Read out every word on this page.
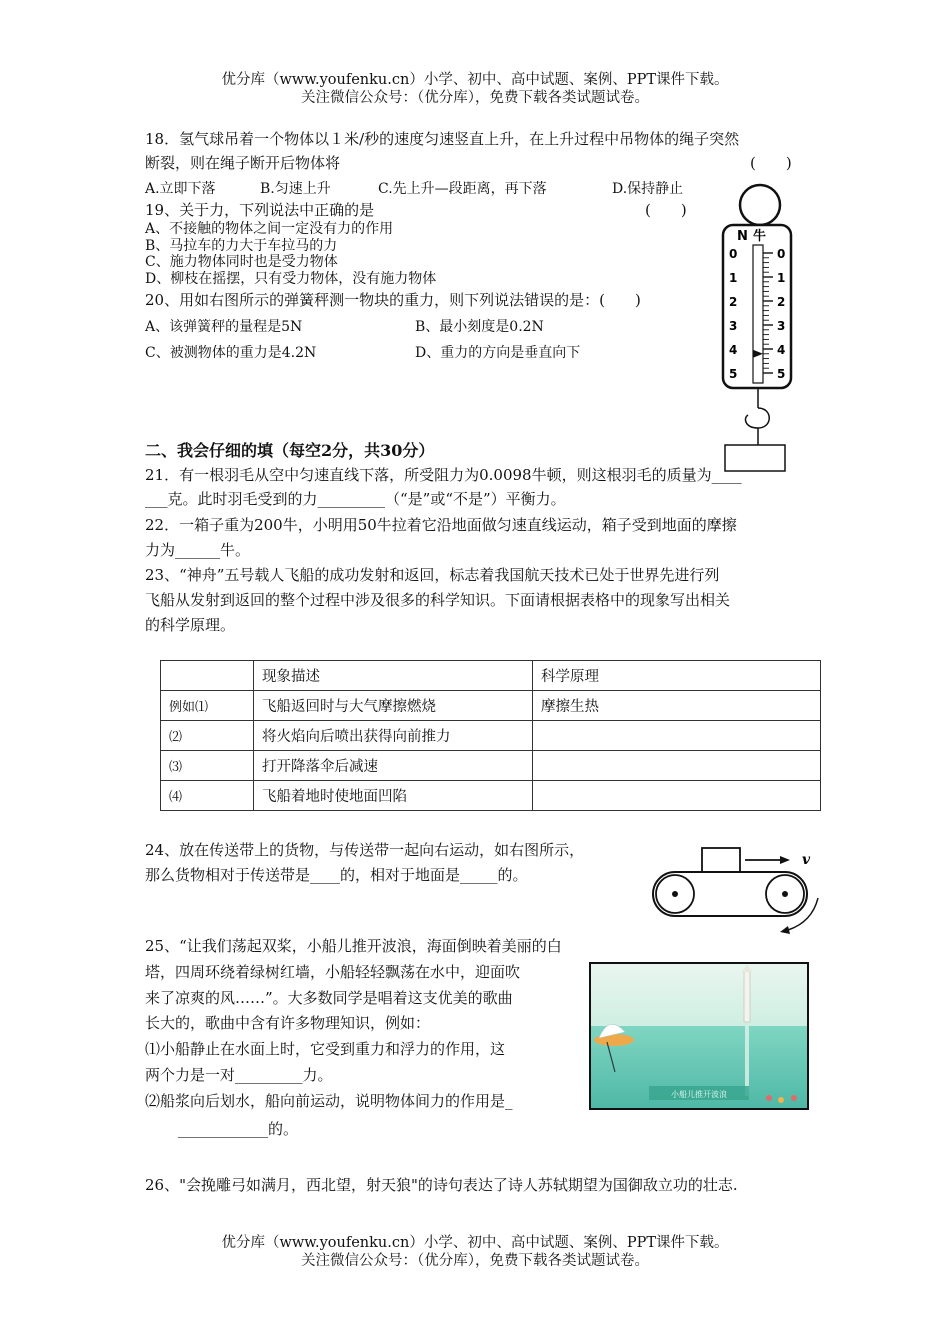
优分库（www.youfenku.cn）小学、初中、高中试题、案例、PPT课件下载。
关注微信公众号：（优分库），免费下载各类试题试卷。
18．氢气球吊着一个物体以１米/秒的速度匀速竖直上升，在上升过程中吊物体的绳子突然
断裂，则在绳子断开后物体将	(　　)
A.立即下落	B.匀速上升	C.先上升—段距离，再下落	D.保持静止
19、关于力，下列说法中正确的是	(　　)
A、不接触的物体之间一定没有力的作用
B、马拉车的力大于车拉马的力
C、施力物体同时也是受力物体
D、柳枝在摇摆，只有受力物体，没有施力物体
20、用如右图所示的弹簧秤测一物块的重力，则下列说法错误的是：(　　)
A、该弹簧秤的量程是5N	B、最小刻度是0.2N
C、被测物体的重力是4.2N	D、重力的方向是垂直向下
N 牛
0	0
1	1
2	2
3	3
4	4
5	5
二、我会仔细的填（每空2分，共30分）
21．有一根羽毛从空中匀速直线下落，所受阻力为0.0098牛顿，则这根羽毛的质量为____
___克。此时羽毛受到的力_________（“是”或“不是”）平衡力。
22．一箱子重为200牛，小明用50牛拉着它沿地面做匀速直线运动，箱子受到地面的摩擦
力为______牛。
23、“神舟”五号载人飞船的成功发射和返回，标志着我国航天技术已处于世界先进行列
飞船从发射到返回的整个过程中涉及很多的科学知识。下面请根据表格中的现象写出相关
的科学原理。
	现象描述	科学原理
例如⑴	飞船返回时与大气摩擦燃烧	摩擦生热
⑵	将火焰向后喷出获得向前推力	
⑶	打开降落伞后减速	
⑷	飞船着地时使地面凹陷	
24、放在传送带上的货物，与传送带一起向右运动，如右图所示，
那么货物相对于传送带是____的，相对于地面是_____的。
v
25、“让我们荡起双桨，小船儿推开波浪，海面倒映着美丽的白
塔，四周环绕着绿树红墙，小船轻轻飘荡在水中，迎面吹
来了凉爽的风……”。大多数同学是唱着这支优美的歌曲
长大的，歌曲中含有许多物理知识，例如：
⑴小船静止在水面上时，它受到重力和浮力的作用，这
两个力是一对_________力。
⑵船浆向后划水，船向前运动，说明物体间力的作用是_
____________的。
小船儿推开波浪
26、"会挽雕弓如满月，西北望，射天狼"的诗句表达了诗人苏轼期望为国御敌立功的壮志.
优分库（www.youfenku.cn）小学、初中、高中试题、案例、PPT课件下载。
关注微信公众号：（优分库），免费下载各类试题试卷。
